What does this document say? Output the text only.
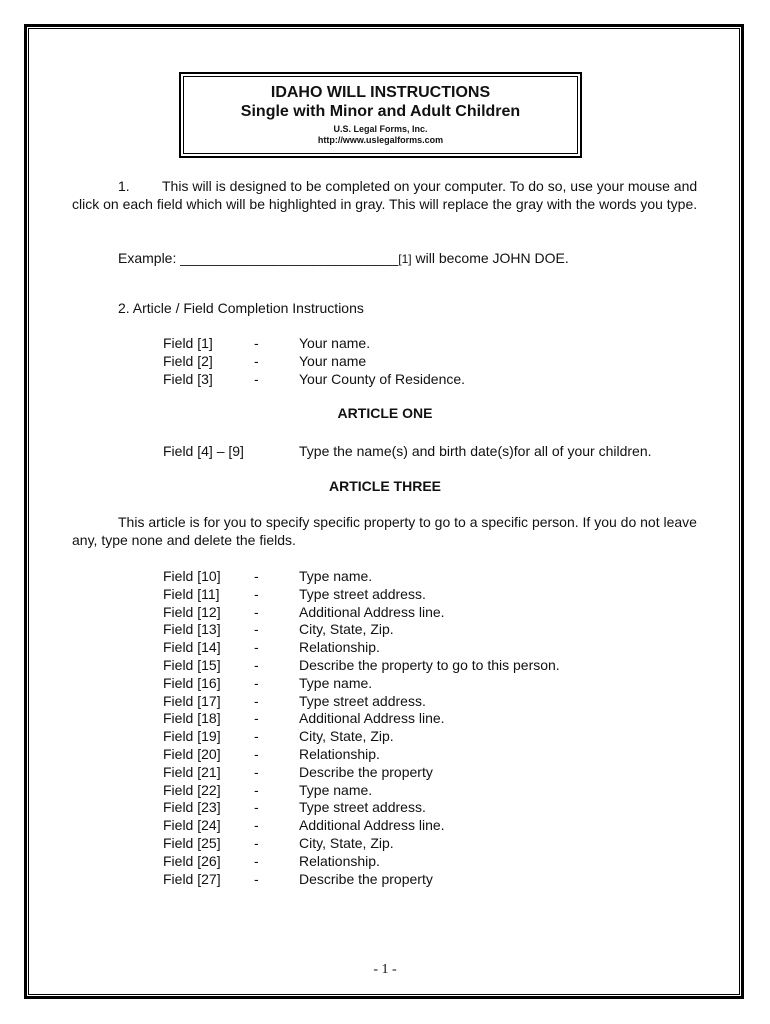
IDAHO WILL INSTRUCTIONS
Single with Minor and Adult Children
U.S. Legal Forms, Inc.
http://www.uslegalforms.com
1. This will is designed to be completed on your computer. To do so, use your mouse and click on each field which will be highlighted in gray. This will replace the gray with the words you type.
Example: ____________________________[1] will become JOHN DOE.
2. Article / Field Completion Instructions
Field [1]	-	Your name.
Field [2]	-	Your name
Field [3]	-	Your County of Residence.
ARTICLE ONE
Field [4] – [9]	Type the name(s) and birth date(s)for all of your children.
ARTICLE THREE
This article is for you to specify specific property to go to a specific person. If you do not leave any, type none and delete the fields.
Field [10] -	Type name.
Field [11] -	Type street address.
Field [12] -	Additional Address line.
Field [13] -	City, State, Zip.
Field [14] -	Relationship.
Field [15] -	Describe the property to go to this person.
Field [16] -	Type name.
Field [17] -	Type street address.
Field [18] -	Additional Address line.
Field [19] -	City, State, Zip.
Field [20] -	Relationship.
Field [21] -	Describe the property
Field [22] -	Type name.
Field [23] -	Type street address.
Field [24] -	Additional Address line.
Field [25] -	City, State, Zip.
Field [26] -	Relationship.
Field [27] -	Describe the property
- 1 -
